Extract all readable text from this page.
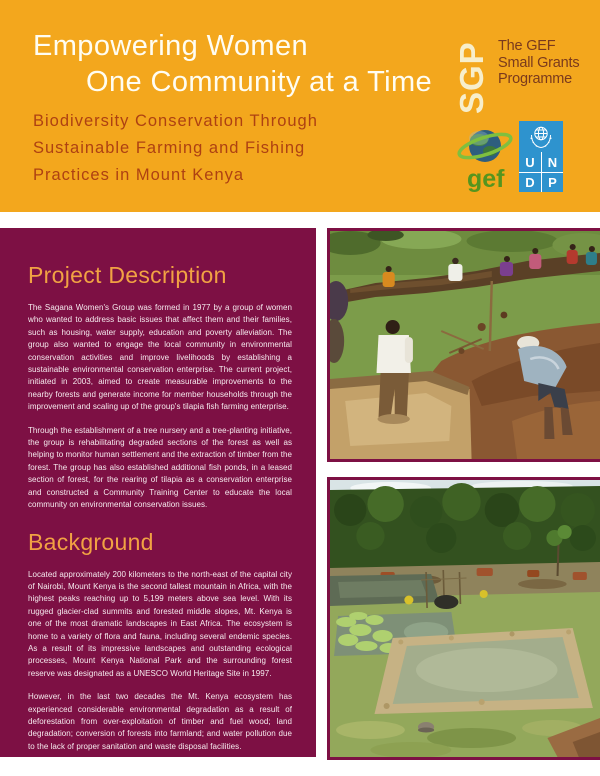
Empowering Women
One Community at a Time SGP The GEF
Small Grants
Programme
Biodiversity Conservation Through
Sustainable Farming and Fishing
Practices in Mount Kenya	gef
U	N
D	P
Project Description

The Sagana Women's Group was formed in 1977 by a group of women who wanted to address basic issues that affect them and their families, such as housing, water supply, education and poverty alleviation. The group also wanted to engage the local community in environmental conservation activities and improve livelihoods by establishing a sustainable environmental conservation enterprise. The current project, initiated in 2003, aimed to create measurable improvements to the nearby forests and generate income for member households through the improvement and scaling up of the group's tilapia fish farming enterprise.

Through the establishment of a tree nursery and a tree-planting initiative, the group is rehabilitating degraded sections of the forest as well as helping to monitor human settlement and the extraction of timber from the forest. The group has also established additional fish ponds, in a leased section of forest, for the rearing of tilapia as a conservation enterprise and constructed a Community Training Center to educate the local community on environmental conservation issues.

Background

Located approximately 200 kilometers to the north-east of the capital city of Nairobi, Mount Kenya is the second tallest mountain in Africa, with the highest peaks reaching up to 5,199 meters above sea level. With its rugged glacier-clad summits and forested middle slopes, Mt. Kenya is one of the most dramatic landscapes in East Africa. The ecosystem is home to a variety of flora and fauna, including several endemic species. As a result of its impressive landscapes and outstanding ecological processes, Mount Kenya National Park and the surrounding forest reserve was designated as a UNESCO World Heritage Site in 1997.

However, in the last two decades the Mt. Kenya ecosystem has experienced considerable environmental degradation as a result of deforestation from over-exploitation of timber and fuel wood; land degradation; conversion of forests into farmland; and water pollution due to the lack of proper sanitation and waste disposal facilities.
